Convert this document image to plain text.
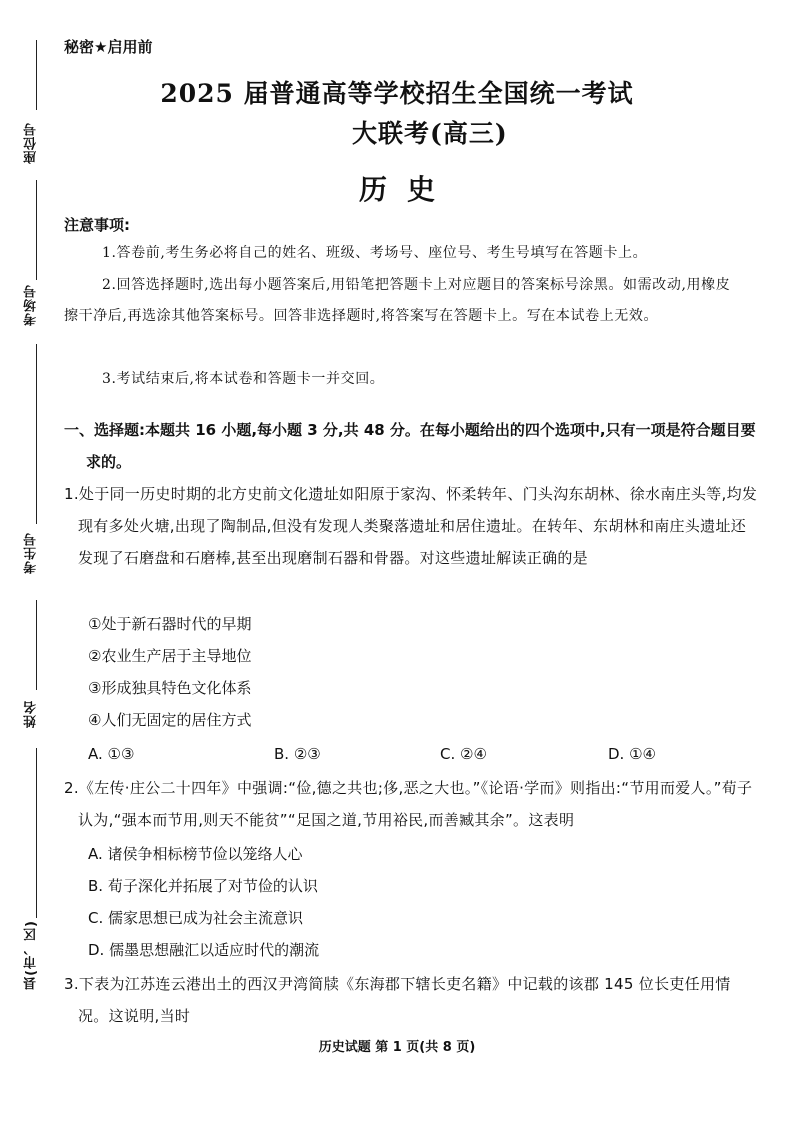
座位号
考场号
考生号
姓名
县(市、区)
秘密★启用前
2025 届普通高等学校招生全国统一考试
大联考(高三)
历史
注意事项:
1.答卷前,考生务必将自己的姓名、班级、考场号、座位号、考生号填写在答题卡上。
2.回答选择题时,选出每小题答案后,用铅笔把答题卡上对应题目的答案标号涂黑。如需改动,用橡皮擦干净后,再选涂其他答案标号。回答非选择题时,将答案写在答题卡上。写在本试卷上无效。
3.考试结束后,将本试卷和答题卡一并交回。
一、选择题:本题共 16 小题,每小题 3 分,共 48 分。在每小题给出的四个选项中,只有一项是符合题目要求的。
1.处于同一历史时期的北方史前文化遗址如阳原于家沟、怀柔转年、门头沟东胡林、徐水南庄头等,均发现有多处火塘,出现了陶制品,但没有发现人类聚落遗址和居住遗址。在转年、东胡林和南庄头遗址还发现了石磨盘和石磨棒,甚至出现磨制石器和骨器。对这些遗址解读正确的是
①处于新石器时代的早期
②农业生产居于主导地位
③形成独具特色文化体系
④人们无固定的居住方式
A. ①③	B. ②③	C. ②④	D. ①④
2.《左传·庄公二十四年》中强调:“俭,德之共也;侈,恶之大也。”《论语·学而》则指出:“节用而爱人。”荀子认为,“强本而节用,则天不能贫”“足国之道,节用裕民,而善臧其余”。这表明
A. 诸侯争相标榜节俭以笼络人心
B. 荀子深化并拓展了对节俭的认识
C. 儒家思想已成为社会主流意识
D. 儒墨思想融汇以适应时代的潮流
3.下表为江苏连云港出土的西汉尹湾简牍《东海郡下辖长吏名籍》中记载的该郡 145 位长吏任用情况。这说明,当时
历史试题 第 1 页(共 8 页)
